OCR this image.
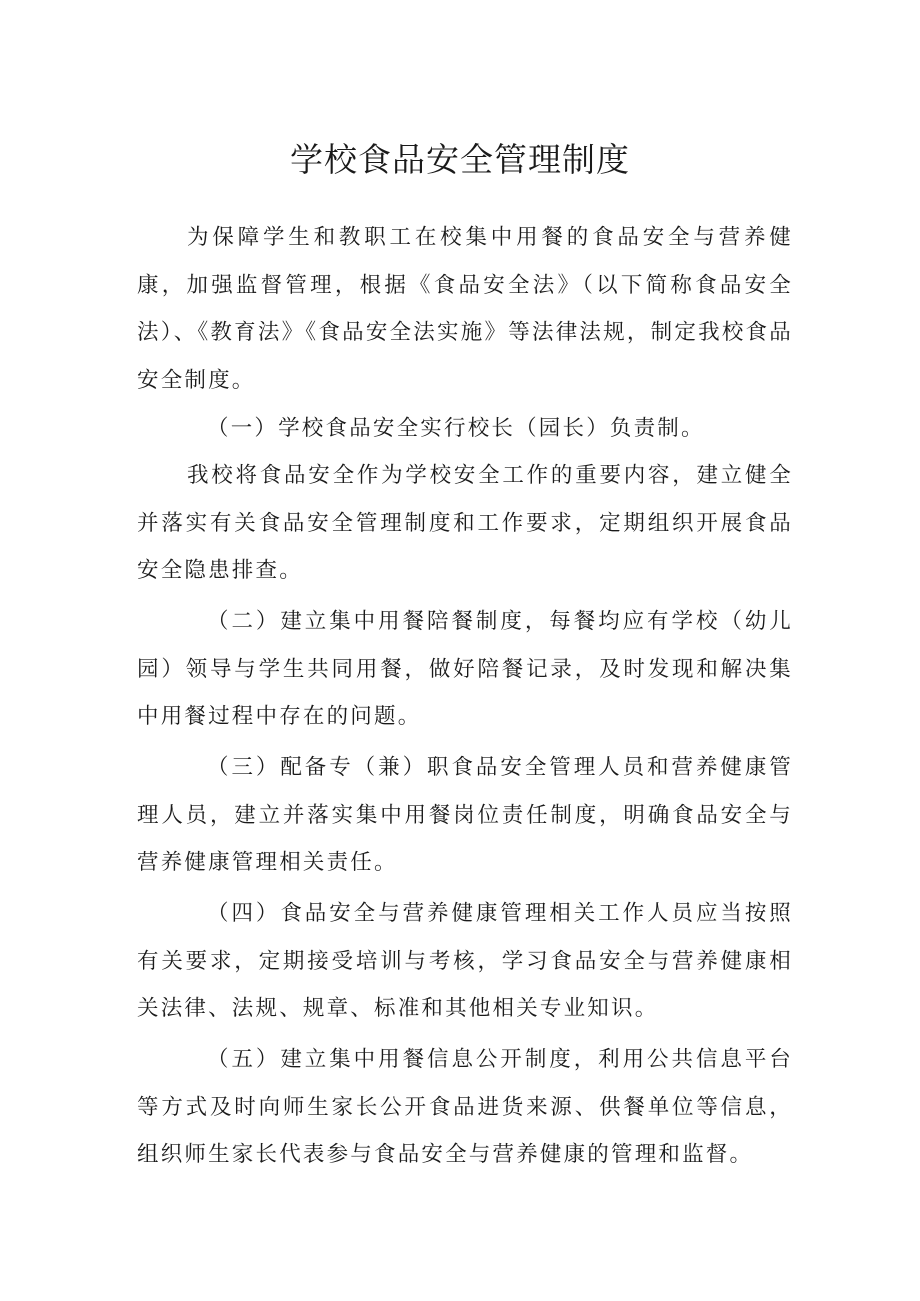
学校食品安全管理制度

为保障学生和教职工在校集中用餐的食品安全与营养健康，加强监督管理，根据《食品安全法》（以下简称食品安全法）、《教育法》《食品安全法实施》等法律法规，制定我校食品安全制度。

（一）学校食品安全实行校长（园长）负责制。

我校将食品安全作为学校安全工作的重要内容，建立健全并落实有关食品安全管理制度和工作要求，定期组织开展食品安全隐患排查。

（二）建立集中用餐陪餐制度，每餐均应有学校（幼儿园）领导与学生共同用餐，做好陪餐记录，及时发现和解决集中用餐过程中存在的问题。

（三）配备专（兼）职食品安全管理人员和营养健康管理人员，建立并落实集中用餐岗位责任制度，明确食品安全与营养健康管理相关责任。

（四）食品安全与营养健康管理相关工作人员应当按照有关要求，定期接受培训与考核，学习食品安全与营养健康相关法律、法规、规章、标准和其他相关专业知识。

（五）建立集中用餐信息公开制度，利用公共信息平台等方式及时向师生家长公开食品进货来源、供餐单位等信息，组织师生家长代表参与食品安全与营养健康的管理和监督。
